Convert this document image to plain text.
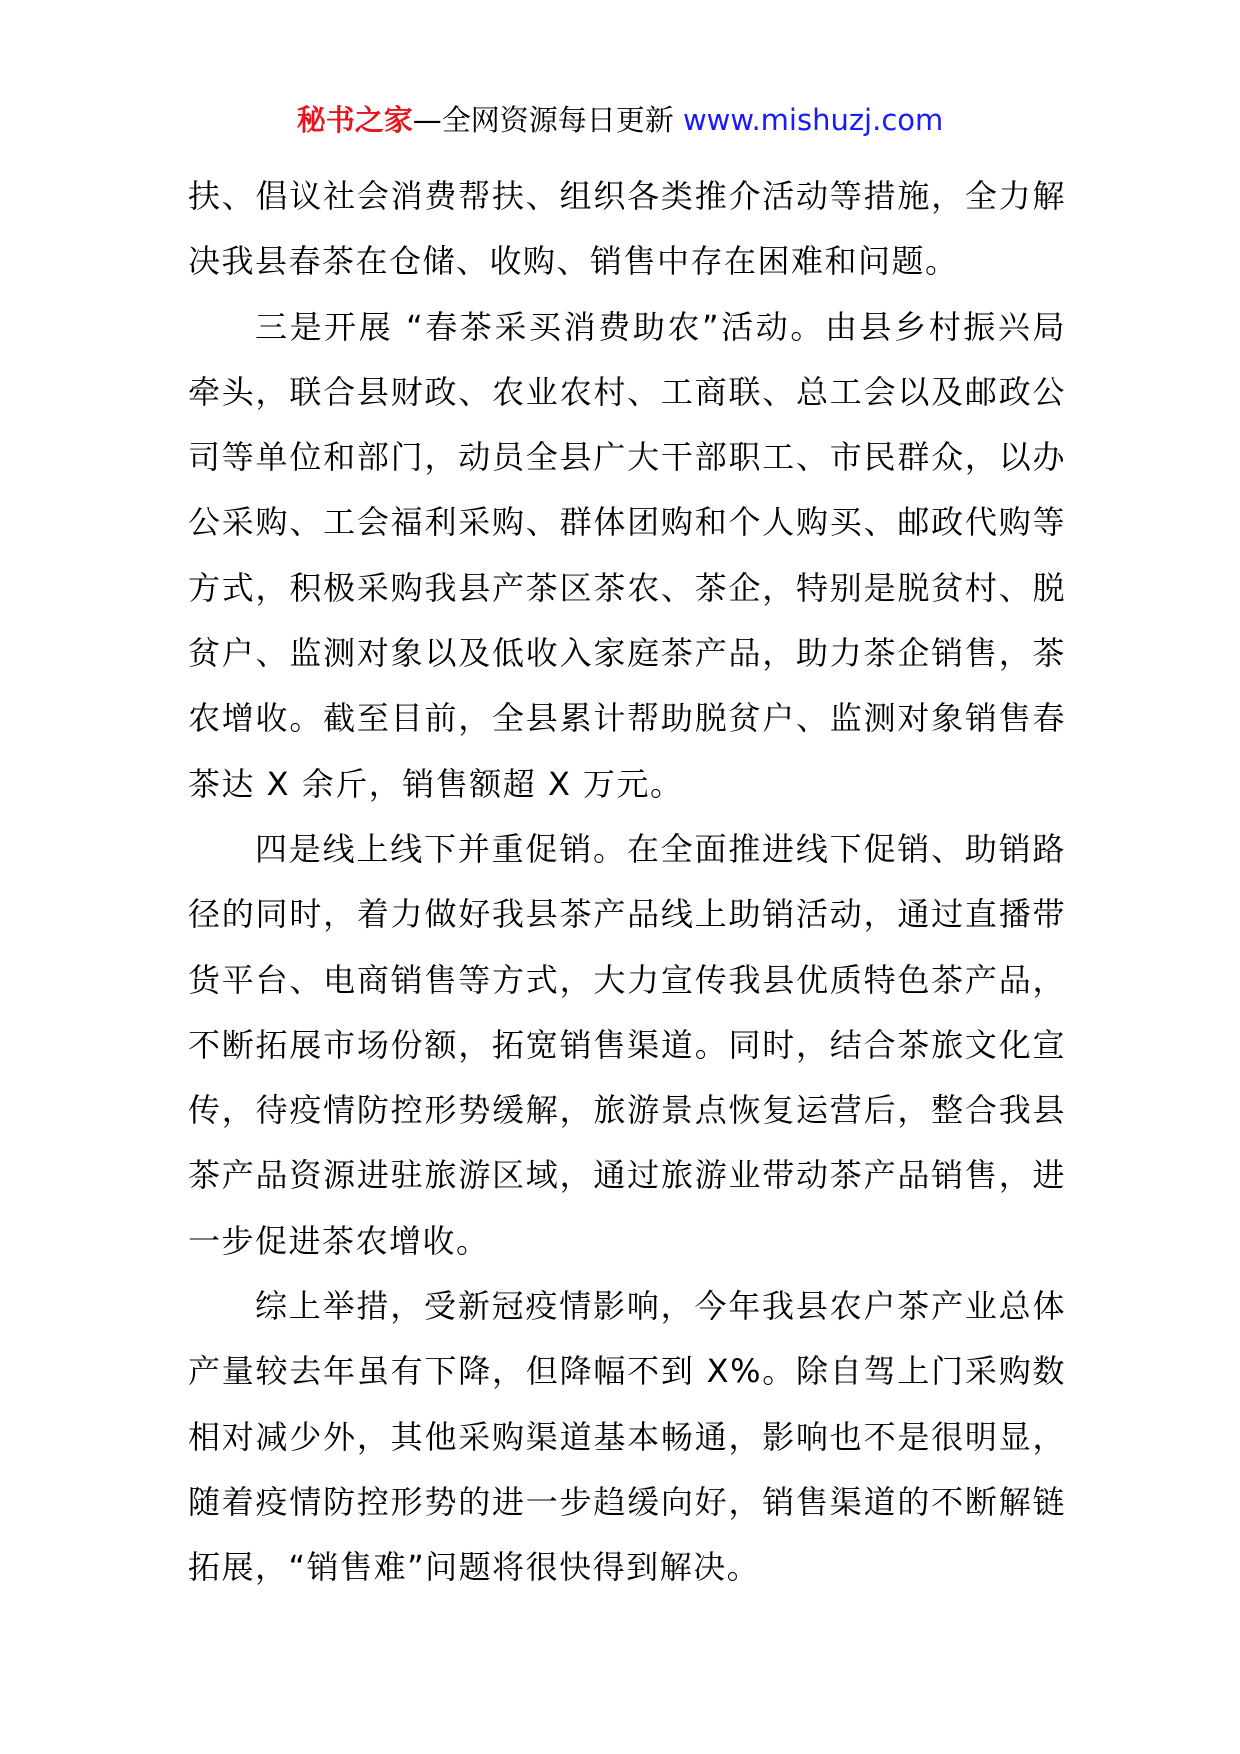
秘书之家—全网资源每日更新 www.mishuzj.com

扶、倡议社会消费帮扶、组织各类推介活动等措施，全力解决我县春茶在仓储、收购、销售中存在困难和问题。

三是开展 “春茶采买消费助农”活动。由县乡村振兴局牵头，联合县财政、农业农村、工商联、总工会以及邮政公司等单位和部门，动员全县广大干部职工、市民群众，以办公采购、工会福利采购、群体团购和个人购买、邮政代购等方式，积极采购我县产茶区茶农、茶企，特别是脱贫村、脱贫户、监测对象以及低收入家庭茶产品，助力茶企销售，茶农增收。截至目前，全县累计帮助脱贫户、监测对象销售春茶达 X 余斤，销售额超 X 万元。

四是线上线下并重促销。在全面推进线下促销、助销路径的同时，着力做好我县茶产品线上助销活动，通过直播带货平台、电商销售等方式，大力宣传我县优质特色茶产品，不断拓展市场份额，拓宽销售渠道。同时，结合茶旅文化宣传，待疫情防控形势缓解，旅游景点恢复运营后，整合我县茶产品资源进驻旅游区域，通过旅游业带动茶产品销售，进一步促进茶农增收。

综上举措，受新冠疫情影响，今年我县农户茶产业总体产量较去年虽有下降，但降幅不到 X%。除自驾上门采购数相对减少外，其他采购渠道基本畅通，影响也不是很明显，随着疫情防控形势的进一步趋缓向好，销售渠道的不断解链拓展，“销售难”问题将很快得到解决。
